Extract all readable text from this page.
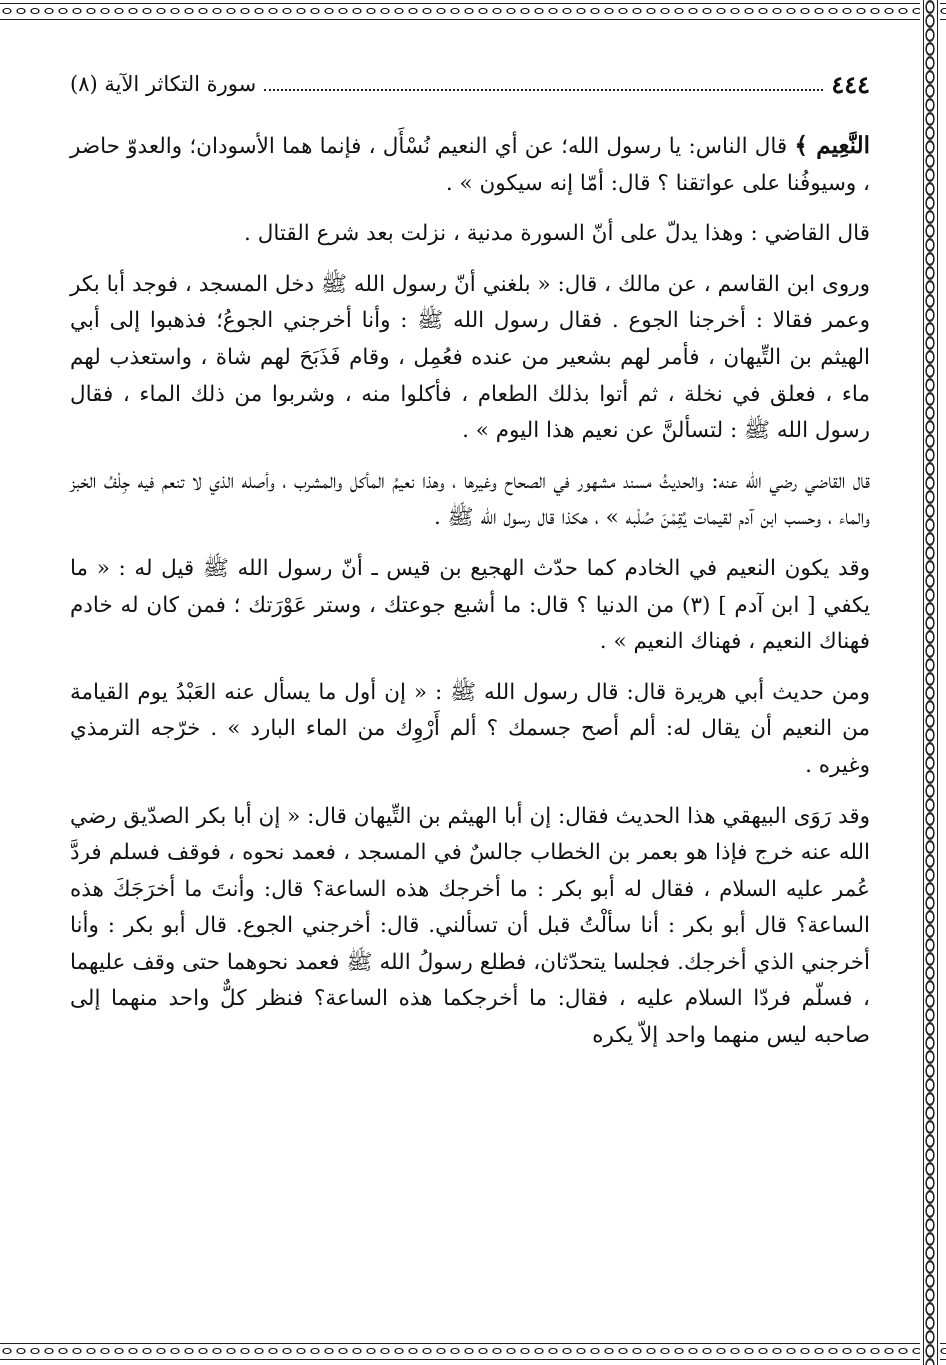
٤٤٤
سورة التكاثر الآية (٨)

النَّعِيم ﴾ قال الناس: يا رسول الله؛ عن أي النعيم نُسْأَل ، فإنما هما الأسودان؛ والعدوّ حاضر ، وسيوفُنا على عواتقنا ؟ قال: أمّا إنه سيكون » .

قال القاضي : وهذا يدلّ على أنّ السورة مدنية ، نزلت بعد شرع القتال .

وروى ابن القاسم ، عن مالك ، قال: « بلغني أنّ رسول الله ﷺ دخل المسجد ، فوجد أبا بكر وعمر فقالا : أخرجنا الجوع . فقال رسول الله ﷺ : وأنا أخرجني الجوعُ؛ فذهبوا إلى أبي الهيثم بن التِّيهان ، فأمر لهم بشعير من عنده فعُمِل ، وقام فَذَبَحَ لهم شاة ، واستعذب لهم ماء ، فعلق في نخلة ، ثم أتوا بذلك الطعام ، فأكلوا منه ، وشربوا من ذلك الماء ، فقال رسول الله ﷺ : لتسألنَّ عن نعيم هذا اليوم » .

قال القاضي رضي الله عنه: والحديثُ مسند مشهور في الصحاح وغيرها ، وهذا نعيمُ المأكل والمشرب ، وأصله الذي لا تنعم فيه جِلْفُ الخبز والماء ، وحسب ابن آدم لقيمات يُقِمْنَ صُلْبه » ، هكذا قال رسول الله ﷺ .

وقد يكون النعيم في الخادم كما حدّث الهجيع بن قيس ـ أنّ رسول الله ﷺ قيل له : « ما يكفي [ ابن آدم ] (٣) من الدنيا ؟ قال: ما أشبع جوعتك ، وستر عَوْرَتك ؛ فمن كان له خادم فهناك النعيم ، فهناك النعيم » .

ومن حديث أبي هريرة قال: قال رسول الله ﷺ : « إن أول ما يسأل عنه العَبْدُ يوم القيامة من النعيم أن يقال له: ألم أصح جسمك ؟ ألم أَرْوِك من الماء البارد » . خرّجه الترمذي وغيره .

وقد رَوَى البيهقي هذا الحديث فقال: إن أبا الهيثم بن التِّيهان قال: « إن أبا بكر الصدّيق رضي الله عنه خرج فإذا هو بعمر بن الخطاب جالسٌ في المسجد ، فعمد نحوه ، فوقف فسلم فردَّ عُمر عليه السلام ، فقال له أبو بكر : ما أخرجك هذه الساعة؟ قال: وأنتَ ما أخرَجَكَ هذه الساعة؟ قال أبو بكر : أنا سألْتُ قبل أن تسألني. قال: أخرجني الجوع. قال أبو بكر : وأنا أخرجني الذي أخرجك. فجلسا يتحدّثان، فطلع رسولُ الله ﷺ فعمد نحوهما حتى وقف عليهما ، فسلّم فردّا السلام عليه ، فقال: ما أخرجكما هذه الساعة؟ فنظر كلٌّ واحد منهما إلى صاحبه ليس منهما واحد إلاّ يكره
